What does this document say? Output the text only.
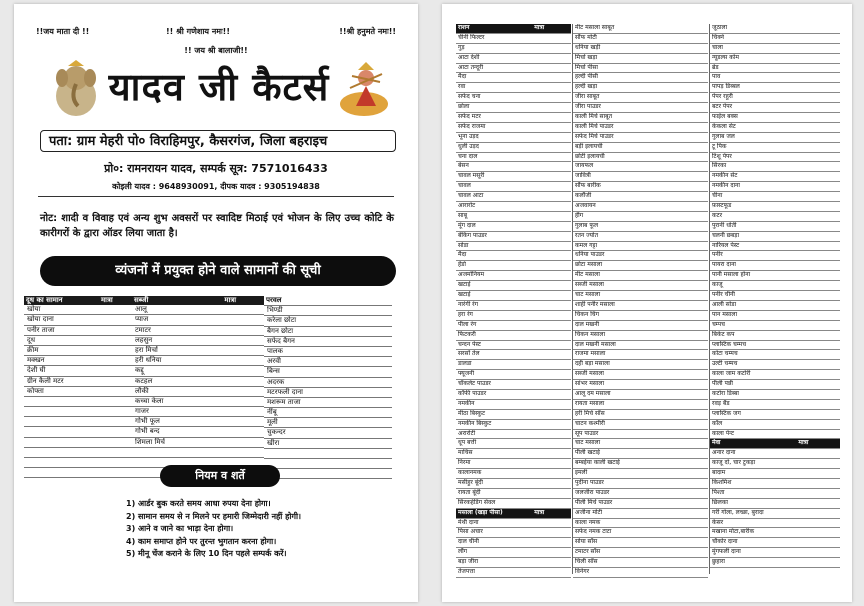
!!जय माता दी !!	!! श्री गणेशाय नमः!!	!!श्री हनुमते नमः!!
!! जय श्री बालाजी!!
यादव जी कैटर्स
पता: ग्राम मेहरी पो० विराहिमपुर, कैसरगंज, जिला बहराइच
प्रो०: रामनरायन यादव, सम्पर्क सूत्र: 7571016433
कोइली यादव : 9648930091, दीपक यादव : 9305194838
नोट: शादी व विवाह एवं अन्य शुभ अवसरों पर स्वादिष्ट मिठाई एवं भोजन के लिए उच्च कोटि के कारीगरों के द्वारा ऑडर लिया जाता है।
व्यंजनों में प्रयुक्त होने वाले सामानों की सूची
दूध का सामान	मात्रा
खोया
खोया दाना
पनीर ताजा
दूध
क्रीम
मक्खन
देशी घी
ग्रीन कैली मटर
कोफ्ता
सब्जी	मात्रा
आलू
प्याज
टमाटर
लहसुन
हरा मिर्चा
हरी धनिया
कद्दू
कटहल
लौकी
कच्चा केला
गाजर
गोभी फूल
गोभी बन्द
शिमला मिर्च
परवल
भिण्डी
करेला छोटा
बैगन छोटा
सफेद बैगन
पालक
अरवी
बिन्स
अदरक
मटरफली दाना
मशरूम ताजा
नींबू
मूली
चुकन्दर
खीरा
नियम व शर्ते
1) आर्डर बुक करते समय आधा रुपया देना होगा।
2) सामान समय से न मिलने पर हमारी जिम्मेदारी नहीं होगी।
3) आने व जाने का भाड़ा देना होगा।
4) काम समाप्त होने पर तुरन्त भुगतान करना होगा।
5) मीनू चेंज कराने के लिए 10 दिन पहले सम्पर्क करें।
राशन	मात्रा
चीनी फिल्टर
गुड़
आटा देशी
आटा तन्दूरी
मैदा
रवा
सफेद चना
छोला
सफेद मटर
सफेद राजमा
भूना उड़द
धुली उड़द
चना दाल
बेसन
चावल मसूरी
चावल
चावल आटा
आरारोट
साबू
मूंग दाल
बेकिंग पाउडर
सोडा
मैदा
हेंडो
अजमोनियम
खटाई
खटाई
नारंगी रंग
हरा रंग
पीला रंग
फिटकरी
चन्दन पेस्ट
सरसों तेल
डालडा
फ्यूजनी
चॉकलेट पाउडर
कॉफी पाउडर
नमकीन
मीठा बिस्कुट
नमकीन बिस्कुट
अरारोटी
धूप बत्ती
माचिस
निरमा
कालानमक
मसीहुर बूंदी
रायता बूंदी
सिरकहेडिंग सेवल
मसाला (खड़ा पीसा)	मात्रा
मेथी दाना
पिसा अचार
दाल चीनी
लौंग
बड़ा जीरा
तेजपत्ता
मीट मसाला साबूत
सौंफ मोटी
धनिया खड़ी
मिर्चा खड़ा
मिर्चा पीसा
हल्दी पीसी
हल्दी खड़ा
जीरा साबूत
जीरा पाउडर
काली मिर्च साबूत
काली मिर्च पाउडर
सफेद मिर्च पाउडर
बड़ी इलायची
छोटी इलायची
जायफल
जावित्री
सौंफ बारीक
कलौंजी
अजवायन
हींग
गुलाब फूल
रतन ज्योत
कमल गट्टा
धनिया पाउडर
छोटा मसाला
मीट मसाला
सब्जी मसाला
चाट मसाला
शाही पनीर मसाला
चिकन चिंग
दाल मखनी
चिकन मसाला
दाल मखनी मसाला
राजमा मसाला
दही बड़ा मसाला
सब्जी मसाला
सांभर मसाला
आलू दम मसाला
रायता मसाला
हरी मिर्च सॉस
चाटन कश्मीरी
सूप पाउडर
चाट मसाला
पीली खटाई
बम्बईया काली खटाई
इमली
पुदीना पाउडर
जलजीरा पाउडर
पीली मिर्च पाउडर
अजीना मोटी
काला नमक
सफेद नमक टाटा
सोया सॉस
टमाटर सॉस
चिली सॉस
विनेगर
जूठाला
चिक्ने
चाला
न्यूडल्स कोम
ब्रेड
पाव
पापड़ डिब्बल
पेपर रहुरी
बटर पेपर
फाईल बक्स
केकला सेट
गुलाब जल
टू पिक
टिशू पेपर
सिरका
नमकीन सेट
नमकीन दाना
चीना
फ़ास्टफूड
कटर
पुरानी धोती
चलनी छबड़ा
नारियल पेस्ट
पनीर
पायरा दाना
पानी मसाला होना
काजू
पनीर चीनी
आली सोडा
पान मसाला
चम्पच
बिकेट कप
प्लास्टिक चम्मच
कोटा चम्मच
उल्टी चम्मच
काला जाम कटोरी
पीली पन्नी
कटोरा डिब्बा
रवड़ बैंड
प्लास्टिक जग
कॉल
काला पेन्ट
मेवा	मात्रा
अनार दाना
काजू दो, चार टुकड़ा
बादाम
किशमिश
पिश्ता
छिलका
गरी गोला, लच्छा, बुरादा
केसर
मखाना मोटा,बारीक
चौकोर दाना
मुंगफली दाना
छुहारा
